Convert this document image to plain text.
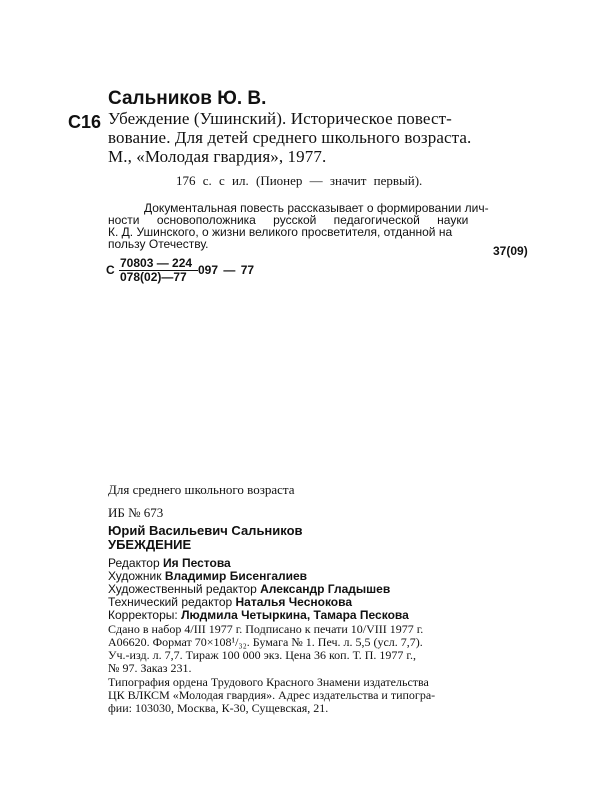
Сальников Ю. В.
С16 Убеждение (Ушинский). Историческое повест-
вование. Для детей среднего школьного возраста.
М., «Молодая гвардия», 1977.
176 с. с ил. (Пионер — значит первый).
Документальная повесть рассказывает о формировании лич-
ности основоположника русской педагогической науки
К. Д. Ушинского, о жизни великого просветителя, отданной на
пользу Отечеству.	37(09)
С 70803 — 224
078(02)—77 097 — 77
Для среднего школьного возраста
ИБ № 673
Юрий Васильевич Сальников
УБЕЖДЕНИЕ
Редактор Ия Пестова
Художник Владимир Бисенгалиев
Художественный редактор Александр Гладышев
Технический редактор Наталья Чеснокова
Корректоры: Людмила Четыркина, Тамара Пескова
Сдано в набор 4/III 1977 г. Подписано к печати 10/VIII 1977 г.
А06620. Формат 70×108¹/₃₂. Бумага № 1. Печ. л. 5,5 (усл. 7,7).
Уч.-изд. л. 7,7. Тираж 100 000 экз. Цена 36 коп. Т. П. 1977 г.,
№ 97. Заказ 231.
Типография ордена Трудового Красного Знамени издательства
ЦК ВЛКСМ «Молодая гвардия». Адрес издательства и типогра-
фии: 103030, Москва, К-30, Сущевская, 21.
